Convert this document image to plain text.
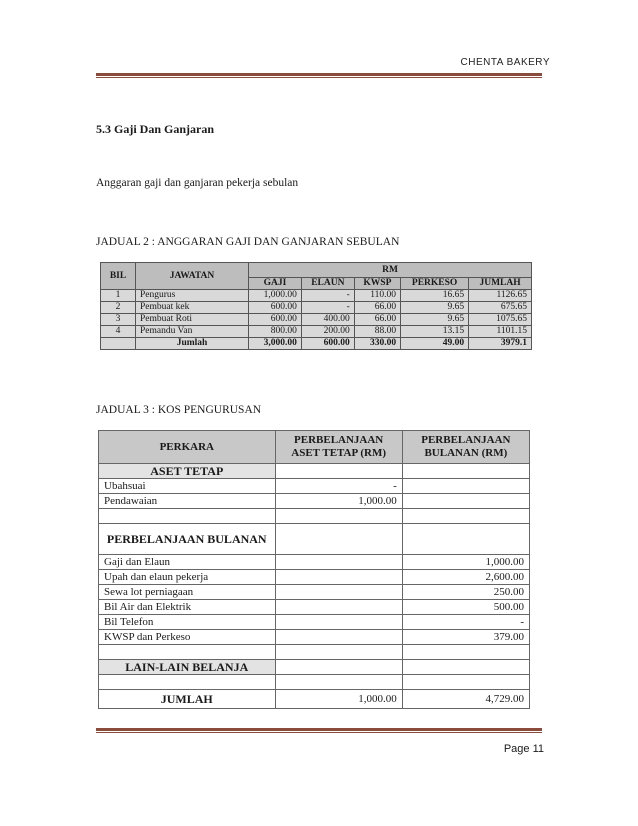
CHENTA BAKERY
5.3 Gaji Dan Ganjaran
Anggaran gaji dan ganjaran pekerja sebulan
JADUAL 2 : ANGGARAN GAJI DAN GANJARAN SEBULAN
BIL	JAWATAN	RM				
		GAJI	ELAUN	KWSP	PERKESO	JUMLAH
1	Pengurus	1,000.00	-	110.00	16.65	1126.65
2	Pembuat kek	600.00	-	66.00	9.65	675.65
3	Pembuat Roti	600.00	400.00	66.00	9.65	1075.65
4	Pemandu Van	800.00	200.00	88.00	13.15	1101.15
	Jumlah	3,000.00	600.00	330.00	49.00	3979.1
JADUAL 3 : KOS PENGURUSAN
PERKARA	PERBELANJAAN ASET TETAP (RM)	PERBELANJAAN BULANAN (RM)
ASET TETAP		
Ubahsuai	-	
Pendawaian	1,000.00	

PERBELANJAAN BULANAN		
Gaji dan Elaun		1,000.00
Upah dan elaun pekerja		2,600.00
Sewa lot perniagaan		250.00
Bil Air dan Elektrik		500.00
Bil Telefon		-
KWSP dan Perkeso		379.00

LAIN-LAIN BELANJA		

JUMLAH	1,000.00	4,729.00
Page 11
